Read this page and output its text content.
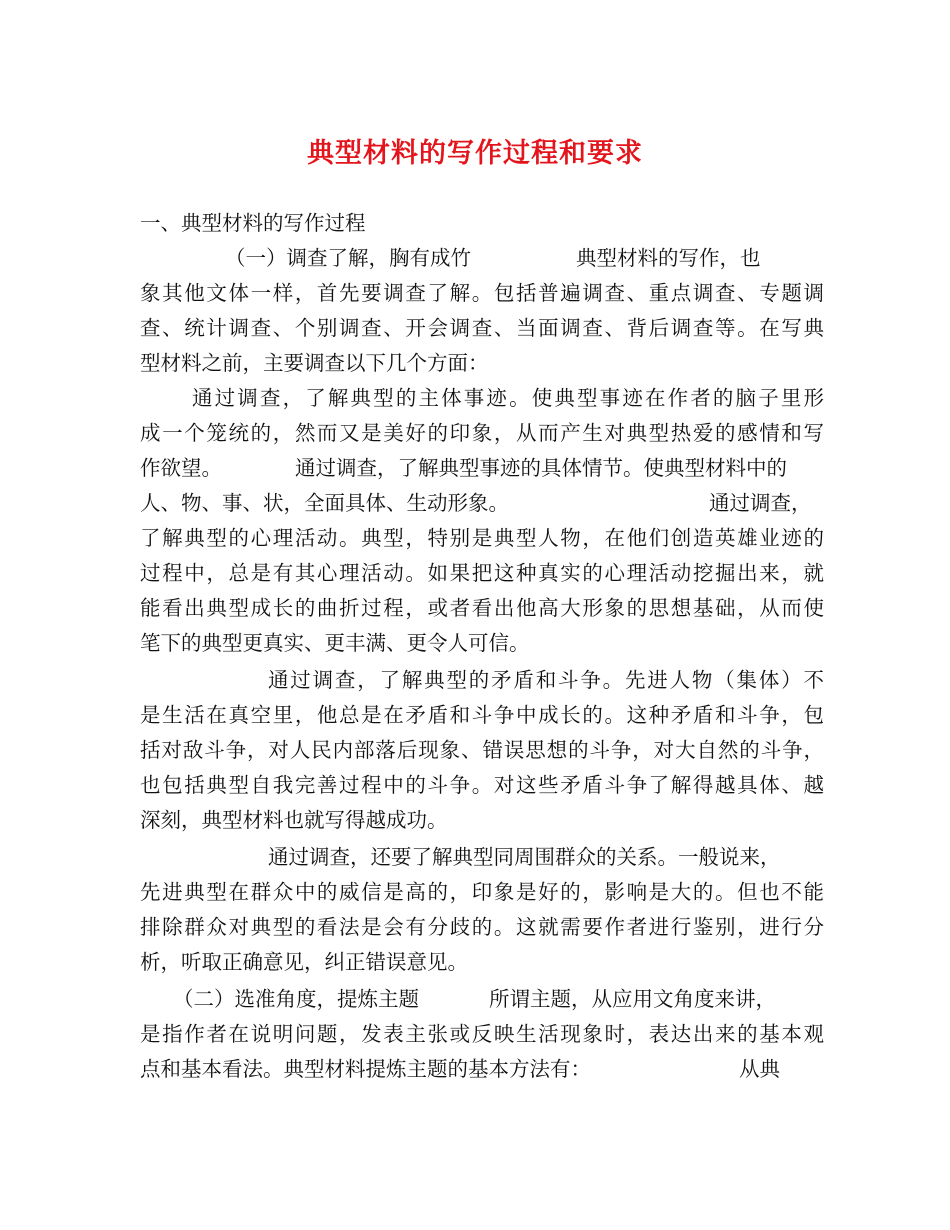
典型材料的写作过程和要求
一、典型材料的写作过程
（一）调查了解，胸有成竹	典型材料的写作，也
象其他文体一样，首先要调查了解。包括普遍调查、重点调查、专题调
查、统计调查、个别调查、开会调查、当面调查、背后调查等。在写典
型材料之前，主要调查以下几个方面：
通过调查，了解典型的主体事迹。使典型事迹在作者的脑子里形
成一个笼统的，然而又是美好的印象，从而产生对典型热爱的感情和写
作欲望。	通过调查，了解典型事迹的具体情节。使典型材料中的
人、物、事、状，全面具体、生动形象。	通过调查，
了解典型的心理活动。典型，特别是典型人物，在他们创造英雄业迹的
过程中，总是有其心理活动。如果把这种真实的心理活动挖掘出来，就
能看出典型成长的曲折过程，或者看出他高大形象的思想基础，从而使
笔下的典型更真实、更丰满、更令人可信。
通过调查，了解典型的矛盾和斗争。先进人物（集体）不
是生活在真空里，他总是在矛盾和斗争中成长的。这种矛盾和斗争，包
括对敌斗争，对人民内部落后现象、错误思想的斗争，对大自然的斗争，
也包括典型自我完善过程中的斗争。对这些矛盾斗争了解得越具体、越
深刻，典型材料也就写得越成功。
通过调查，还要了解典型同周围群众的关系。一般说来，
先进典型在群众中的威信是高的，印象是好的，影响是大的。但也不能
排除群众对典型的看法是会有分歧的。这就需要作者进行鉴别，进行分
析，听取正确意见，纠正错误意见。
（二）选准角度，提炼主题	所谓主题，从应用文角度来讲，
是指作者在说明问题，发表主张或反映生活现象时，表达出来的基本观
点和基本看法。典型材料提炼主题的基本方法有：	从典
